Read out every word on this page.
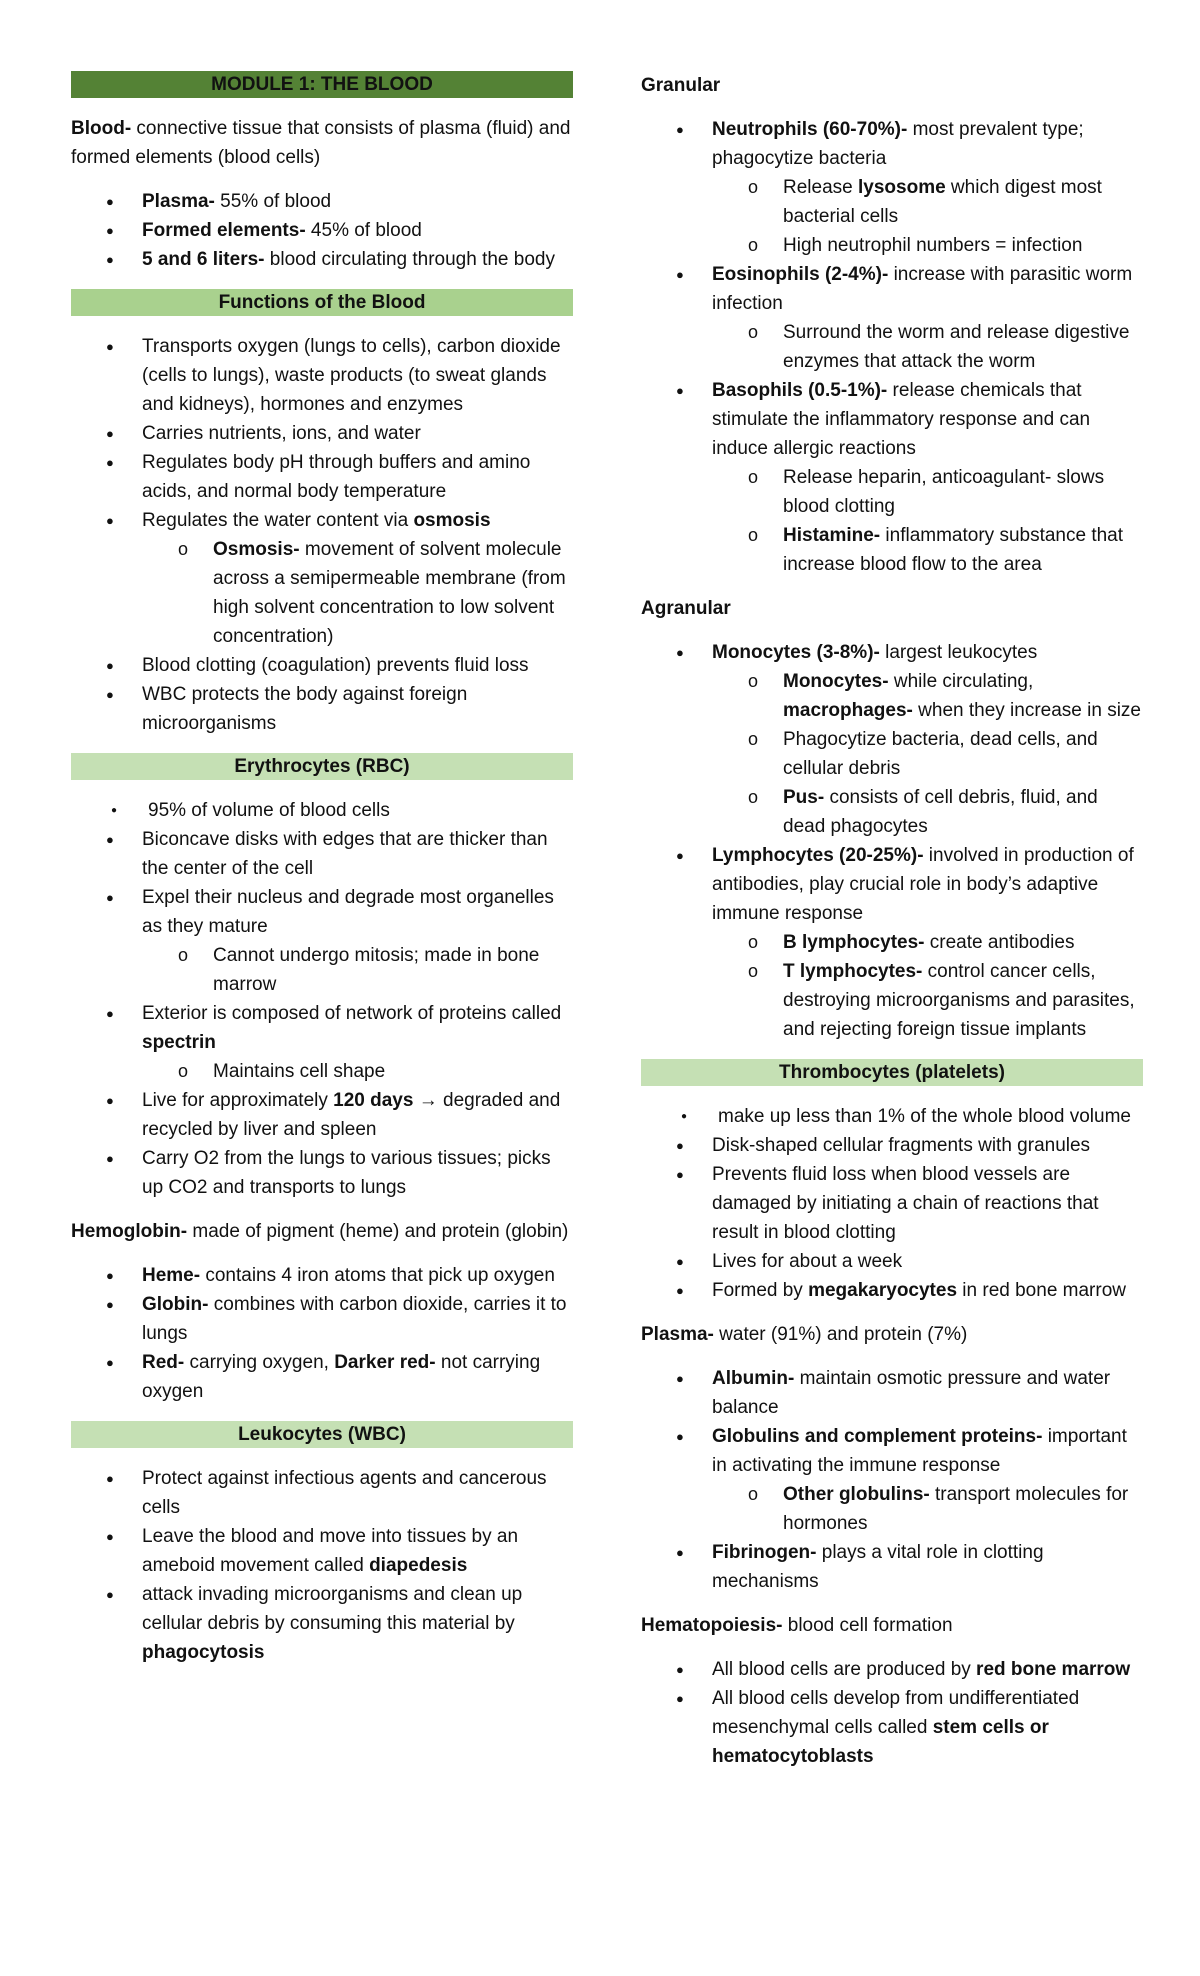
MODULE 1: THE BLOOD

Blood- connective tissue that consists of plasma (fluid) and formed elements (blood cells)

● Plasma- 55% of blood
● Formed elements- 45% of blood
● 5 and 6 liters- blood circulating through the body
Functions of the Blood
● Transports oxygen (lungs to cells), carbon dioxide (cells to lungs), waste products (to sweat glands and kidneys), hormones and enzymes
● Carries nutrients, ions, and water
● Regulates body pH through buffers and amino acids, and normal body temperature
● Regulates the water content via osmosis
o Osmosis- movement of solvent molecule across a semipermeable membrane (from high solvent concentration to low solvent concentration)
● Blood clotting (coagulation) prevents fluid loss
● WBC protects the body against foreign microorganisms
Erythrocytes (RBC)
● 95% of volume of blood cells
● Biconcave disks with edges that are thicker than the center of the cell
● Expel their nucleus and degrade most organelles as they mature
o Cannot undergo mitosis; made in bone marrow
● Exterior is composed of network of proteins called spectrin
o Maintains cell shape
● Live for approximately 120 days → degraded and recycled by liver and spleen
● Carry O2 from the lungs to various tissues; picks up CO2 and transports to lungs

Hemoglobin- made of pigment (heme) and protein (globin)

● Heme- contains 4 iron atoms that pick up oxygen
● Globin- combines with carbon dioxide, carries it to lungs
● Red- carrying oxygen, Darker red- not carrying oxygen
Leukocytes (WBC)
● Protect against infectious agents and cancerous cells
● Leave the blood and move into tissues by an ameboid movement called diapedesis
● attack invading microorganisms and clean up cellular debris by consuming this material by phagocytosis

Granular

● Neutrophils (60-70%)- most prevalent type; phagocytize bacteria
o Release lysosome which digest most bacterial cells
o High neutrophil numbers = infection
● Eosinophils (2-4%)- increase with parasitic worm infection
o Surround the worm and release digestive enzymes that attack the worm
● Basophils (0.5-1%)- release chemicals that stimulate the inflammatory response and can induce allergic reactions
o Release heparin, anticoagulant- slows blood clotting
o Histamine- inflammatory substance that increase blood flow to the area

Agranular

● Monocytes (3-8%)- largest leukocytes
o Monocytes- while circulating, macrophages- when they increase in size
o Phagocytize bacteria, dead cells, and cellular debris
o Pus- consists of cell debris, fluid, and dead phagocytes
● Lymphocytes (20-25%)- involved in production of antibodies, play crucial role in body’s adaptive immune response
o B lymphocytes- create antibodies
o T lymphocytes- control cancer cells, destroying microorganisms and parasites, and rejecting foreign tissue implants
Thrombocytes (platelets)
● make up less than 1% of the whole blood volume
● Disk-shaped cellular fragments with granules
● Prevents fluid loss when blood vessels are damaged by initiating a chain of reactions that result in blood clotting
● Lives for about a week
● Formed by megakaryocytes in red bone marrow

Plasma- water (91%) and protein (7%)

● Albumin- maintain osmotic pressure and water balance
● Globulins and complement proteins- important in activating the immune response
o Other globulins- transport molecules for hormones
● Fibrinogen- plays a vital role in clotting mechanisms

Hematopoiesis- blood cell formation

● All blood cells are produced by red bone marrow
● All blood cells develop from undifferentiated mesenchymal cells called stem cells or hematocytoblasts
